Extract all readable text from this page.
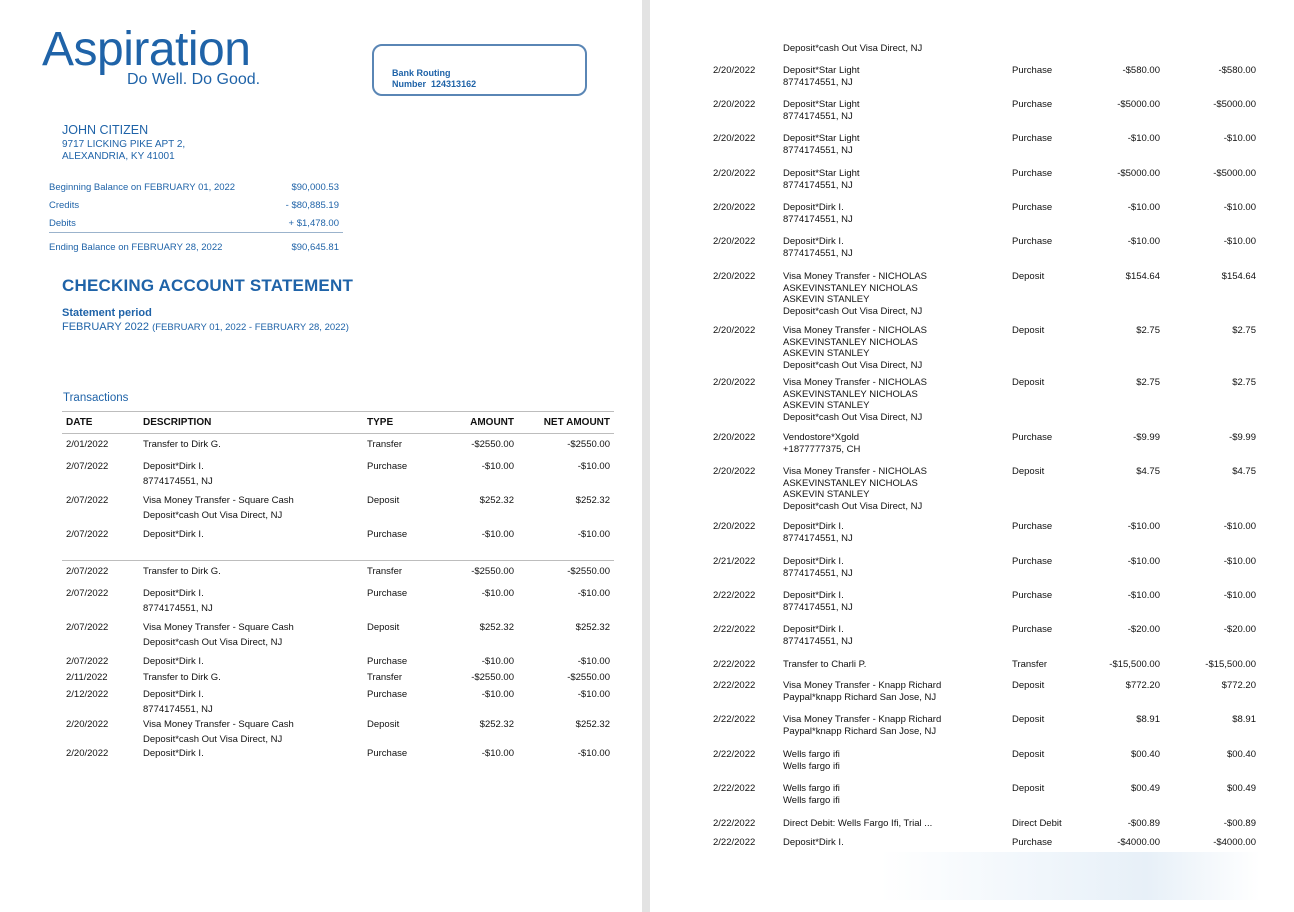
Aspiration
Do Well. Do Good.	Bank Routing
Number 124313162
JOHN CITIZEN
9717 LICKING PIKE APT 2,
ALEXANDRIA, KY 41001
Beginning Balance on FEBRUARY 01, 2022	$90,000.53
Credits	- $80,885.19
Debits	+ $1,478.00
Ending Balance on FEBRUARY 28, 2022	$90,645.81
CHECKING ACCOUNT STATEMENT
Statement period
FEBRUARY 2022 (FEBRUARY 01, 2022 - FEBRUARY 28, 2022)
Transactions
DATE	DESCRIPTION	TYPE	AMOUNT	NET AMOUNT
2/01/2022	Transfer to Dirk G.	Transfer	-$2550.00	-$2550.00
2/07/2022	Deposit*Dirk I.
8774174551, NJ
Purchase	-$10.00	-$10.00
2/07/2022	Visa Money Transfer - Square Cash
Deposit*cash Out Visa Direct, NJ
Deposit	$252.32	$252.32
2/07/2022	Deposit*Dirk I.	Purchase	-$10.00	-$10.00
2/07/2022	Transfer to Dirk G.	Transfer	-$2550.00	-$2550.00
2/07/2022	Deposit*Dirk I.
8774174551, NJ
Purchase	-$10.00	-$10.00
2/07/2022	Visa Money Transfer - Square Cash
Deposit*cash Out Visa Direct, NJ
Deposit	$252.32	$252.32
2/07/2022	Deposit*Dirk I.	Purchase	-$10.00	-$10.00
2/11/2022	Transfer to Dirk G.	Transfer	-$2550.00	-$2550.00
2/12/2022	Deposit*Dirk I.
8774174551, NJ
Purchase	-$10.00	-$10.00
2/20/2022	Visa Money Transfer - Square Cash
Deposit*cash Out Visa Direct, NJ
Deposit	$252.32	$252.32
2/20/2022	Deposit*Dirk I.	Purchase	-$10.00	-$10.00
Deposit*cash Out Visa Direct, NJ
2/20/2022	Deposit*Star Light
8774174551, NJ
Purchase	-$580.00	-$580.00
2/20/2022	Deposit*Star Light
8774174551, NJ
Purchase	-$5000.00	-$5000.00
2/20/2022	Deposit*Star Light
8774174551, NJ
Purchase	-$10.00	-$10.00
2/20/2022	Deposit*Star Light
8774174551, NJ
Purchase	-$5000.00	-$5000.00
2/20/2022	Deposit*Dirk I.
8774174551, NJ
Purchase	-$10.00	-$10.00
2/20/2022	Deposit*Dirk I.
8774174551, NJ
Purchase	-$10.00	-$10.00
2/20/2022	Visa Money Transfer - NICHOLAS
ASKEVINSTANLEY NICHOLAS
ASKEVIN STANLEY
Deposit*cash Out Visa Direct, NJ
Deposit	$154.64	$154.64
2/20/2022	Visa Money Transfer - NICHOLAS
ASKEVINSTANLEY NICHOLAS
ASKEVIN STANLEY
Deposit*cash Out Visa Direct, NJ
Deposit	$2.75	$2.75
2/20/2022	Visa Money Transfer - NICHOLAS
ASKEVINSTANLEY NICHOLAS
ASKEVIN STANLEY
Deposit*cash Out Visa Direct, NJ
Deposit	$2.75	$2.75
2/20/2022	Vendostore*Xgold
+1877777375, CH
Purchase	-$9.99	-$9.99
2/20/2022	Visa Money Transfer - NICHOLAS
ASKEVINSTANLEY NICHOLAS
ASKEVIN STANLEY
Deposit*cash Out Visa Direct, NJ
Deposit	$4.75	$4.75
2/20/2022	Deposit*Dirk I.
8774174551, NJ
Purchase	-$10.00	-$10.00
2/21/2022	Deposit*Dirk I.
8774174551, NJ
Purchase	-$10.00	-$10.00
2/22/2022	Deposit*Dirk I.
8774174551, NJ
Purchase	-$10.00	-$10.00
2/22/2022	Deposit*Dirk I.
8774174551, NJ
Purchase	-$20.00	-$20.00
2/22/2022	Transfer to Charli P.	Transfer	-$15,500.00	-$15,500.00
2/22/2022	Visa Money Transfer - Knapp Richard
Paypal*knapp Richard San Jose, NJ
Deposit	$772.20	$772.20
2/22/2022	Visa Money Transfer - Knapp Richard
Paypal*knapp Richard San Jose, NJ
Deposit	$8.91	$8.91
2/22/2022	Wells fargo ifi
Wells fargo ifi
Deposit	$00.40	$00.40
2/22/2022	Wells fargo ifi
Wells fargo ifi
Deposit	$00.49	$00.49
2/22/2022	Direct Debit: Wells Fargo Ifi, Trial ...	Direct Debit	-$00.89	-$00.89
2/22/2022	Deposit*Dirk I.	Purchase	-$4000.00	-$4000.00
